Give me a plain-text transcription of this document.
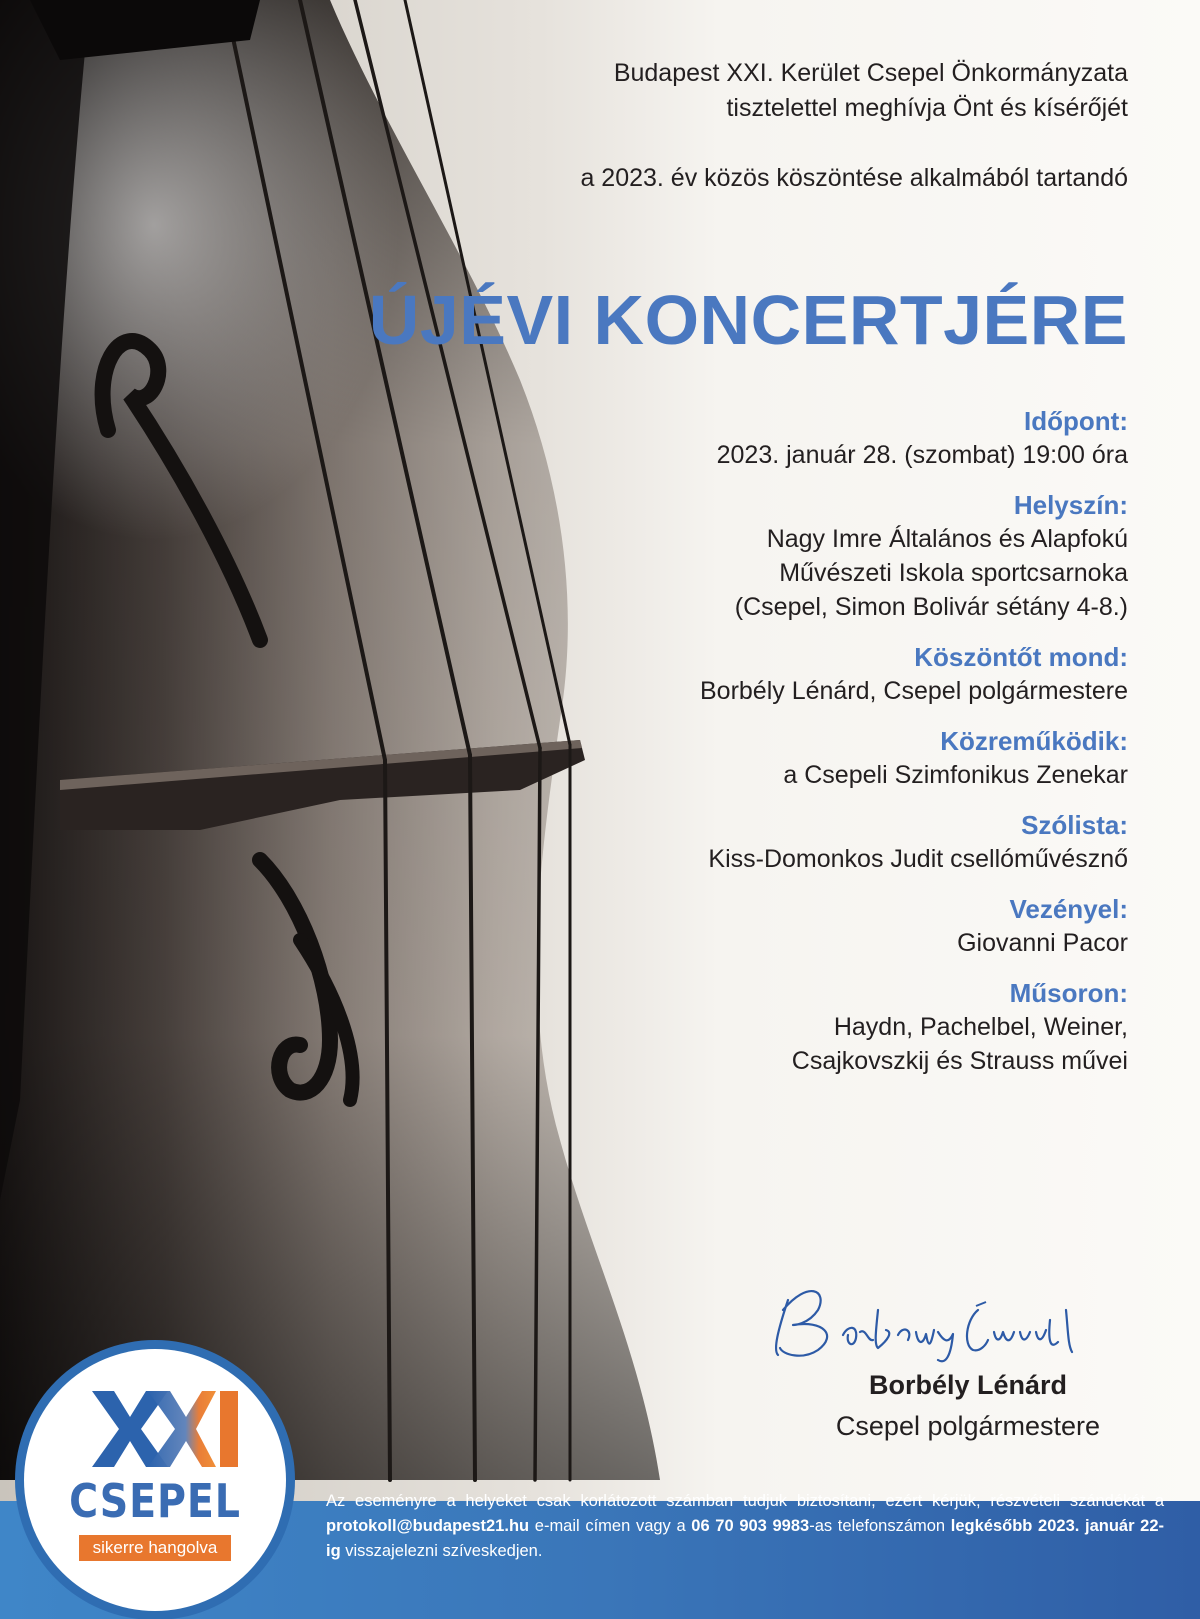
Budapest XXI. Kerület Csepel Önkormányzata

tisztelettel meghívja Önt és kísérőjét

a 2023. év közös köszöntése alkalmából tartandó

ÚJÉVI KONCERTJÉRE
Időpont:
2023. január 28. (szombat) 19:00 óra
Helyszín:
Nagy Imre Általános és Alapfokú
Művészeti Iskola sportcsarnoka
(Csepel, Simon Bolivár sétány 4-8.)
Köszöntőt mond:
Borbély Lénárd, Csepel polgármestere
Közreműködik:
a Csepeli Szimfonikus Zenekar
Szólista:
Kiss-Domonkos Judit csellóművésznő
Vezényel:
Giovanni Pacor
Műsoron:
Haydn, Pachelbel, Weiner,
Csajkovszkij és Strauss művei
Borbély Lénárd
Csepel polgármestere
Az eseményre a helyeket csak korlátozott számban tudjuk biztosítani, ezért kérjük, részvételi szándékát a protokoll@budapest21.hu e-mail címen vagy a 06 70 903 9983-as telefonszámon legkésőbb 2023. január 22-ig visszajelezni szíveskedjen.
CSEPEL
sikerre hangolva
